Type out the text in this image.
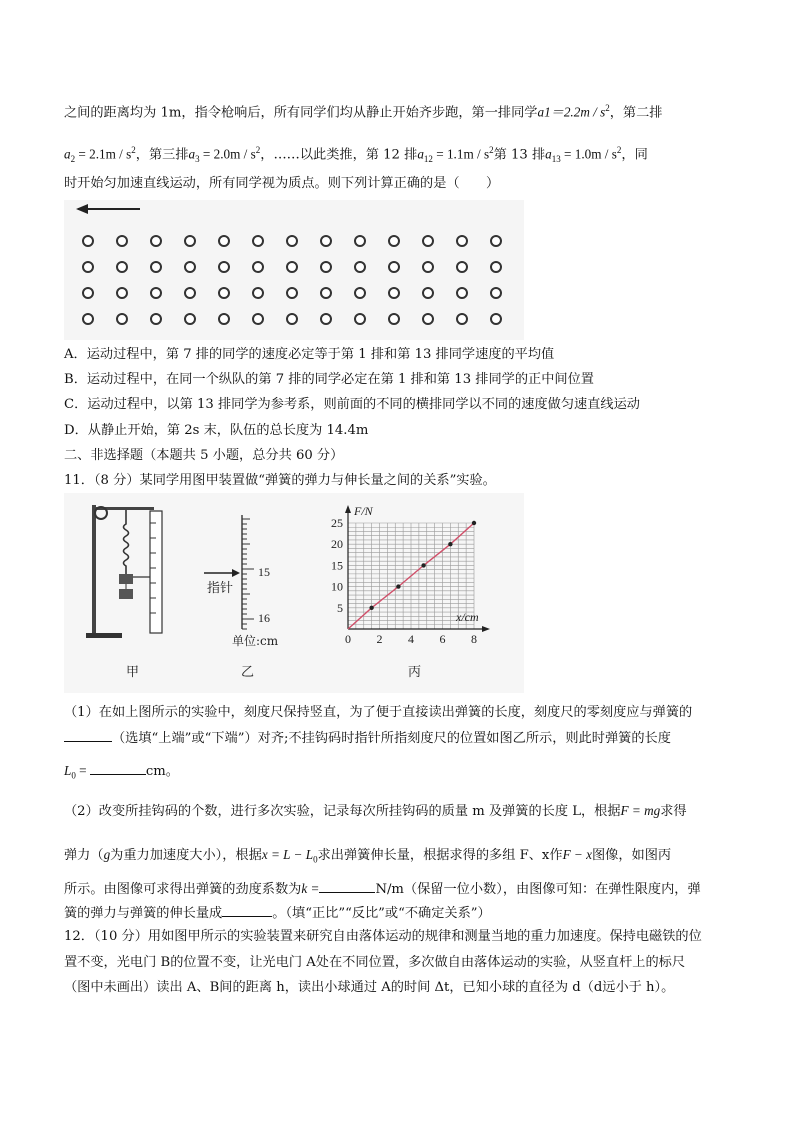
之间的距离均为 1m，指令枪响后，所有同学们均从静止开始齐步跑，第一排同学$a1=2.2m / s^2$，第二排
$a_2 = 2.1m / s^2$，第三排$a_3 = 2.0m / s^2$，……以此类推，第 12 排$a_{12} = 1.1m / s^2$第 13 排$a_{13} = 1.0m / s^2$，同
时开始匀加速直线运动，所有同学视为质点。则下列计算正确的是（　　）
A．运动过程中，第 7 排的同学的速度必定等于第 1 排和第 13 排同学速度的平均值
B．运动过程中，在同一个纵队的第 7 排的同学必定在第 1 排和第 13 排同学的正中间位置
C．运动过程中，以第 13 排同学为参考系，则前面的不同的横排同学以不同的速度做匀速直线运动
D．从静止开始，第 2s 末，队伍的总长度为 14.4m
二、非选择题（本题共 5 小题，总分共 60 分）
11．（8 分）某同学用图甲装置做“弹簧的弹力与伸长量之间的关系”实验。
甲
指针
15
16
单位:cm
乙
0 2 4 6 8
5
10
15
20
25
F/N
x/cm
丙
（1）在如上图所示的实验中，刻度尺保持竖直，为了便于直接读出弹簧的长度，刻度尺的零刻度应与弹簧的
（选填“上端”或“下端”）对齐;不挂钩码时指针所指刻度尺的位置如图乙所示，则此时弹簧的长度
$L_0$ =	cm。
（2）改变所挂钩码的个数，进行多次实验，记录每次所挂钩码的质量 m 及弹簧的长度 L，根据F = mg求得
弹力（g为重力加速度大小），根据$x = L - L_0$求出弹簧伸长量，根据求得的多组 F、x作F − x图像，如图丙
所示。由图像可求得出弹簧的劲度系数为k =	N/m（保留一位小数），由图像可知：在弹性限度内，弹
簧的弹力与弹簧的伸长量成	。（填“正比”“反比”或“不确定关系”）
12．（10 分）用如图甲所示的实验装置来研究自由落体运动的规律和测量当地的重力加速度。保持电磁铁的位
置不变，光电门 B的位置不变，让光电门 A处在不同位置，多次做自由落体运动的实验，从竖直杆上的标尺
（图中未画出）读出 A、B间的距离 h，读出小球通过 A的时间 Δt，已知小球的直径为 d（d远小于 h）。
